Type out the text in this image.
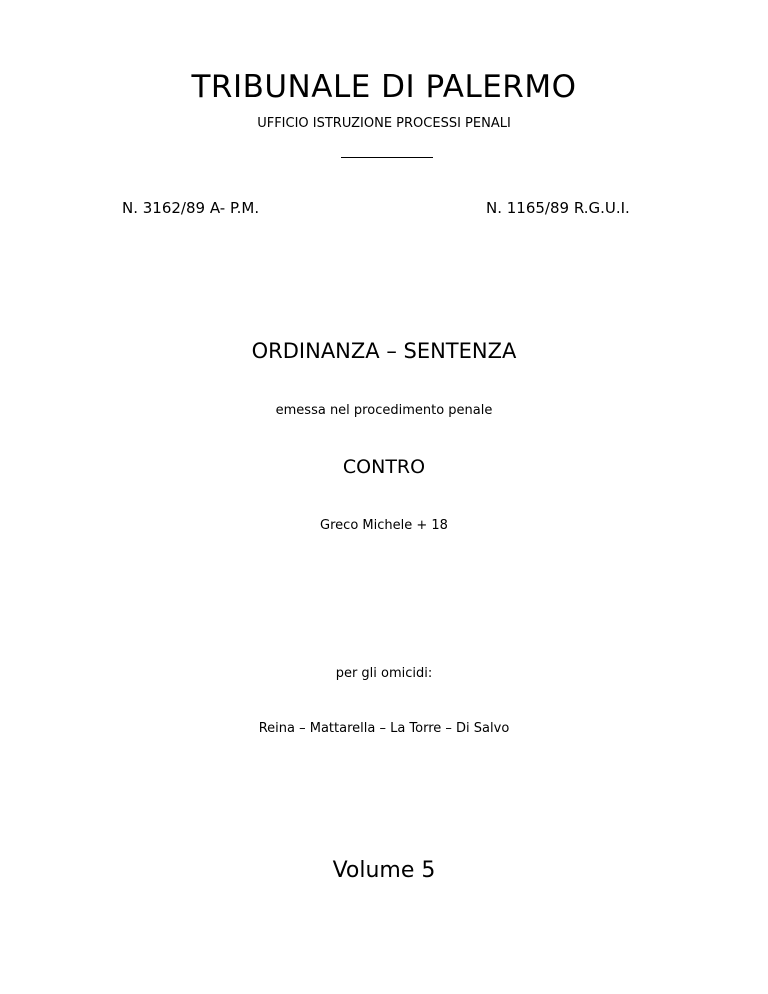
TRIBUNALE DI PALERMO
UFFICIO ISTRUZIONE PROCESSI PENALI
N. 3162/89 A- P.M.	N. 1165/89 R.G.U.I.
ORDINANZA – SENTENZA
emessa nel procedimento penale
CONTRO
Greco Michele + 18
per gli omicidi:
Reina – Mattarella – La Torre – Di Salvo
Volume 5
